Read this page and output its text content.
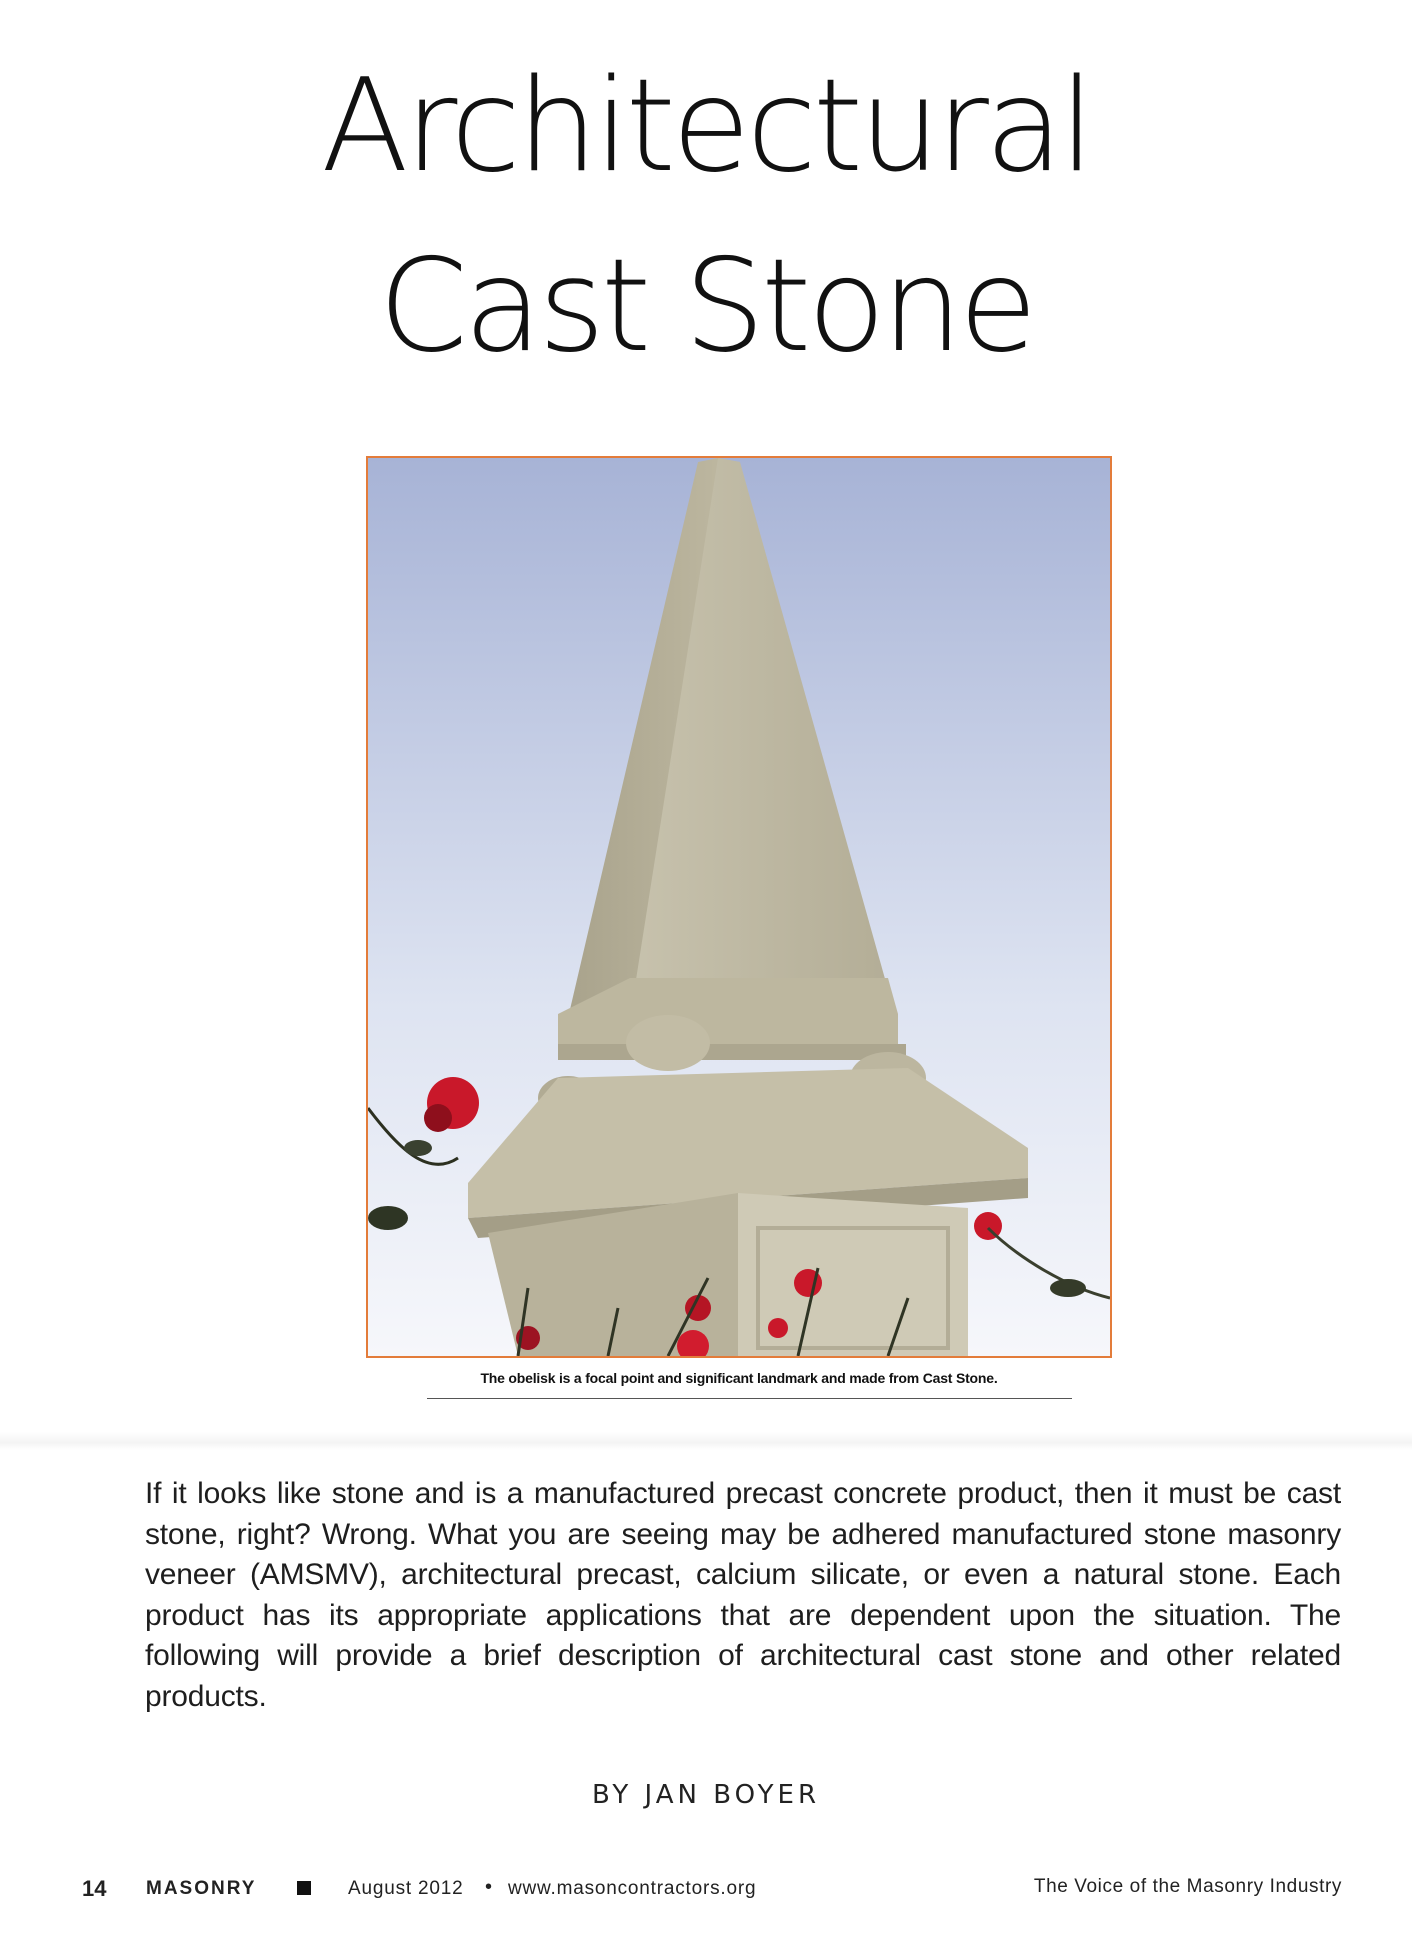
Architectural
Cast Stone
The obelisk is a focal point and significant landmark and made from Cast Stone.

If it looks like stone and is a manufactured precast concrete product, then it must be cast stone, right? Wrong. What you are seeing may be adhered manufactured stone masonry veneer (AMSMV), architectural precast, calcium silicate, or even a natural stone. Each product has its appropriate applications that are dependent upon the situation. The following will provide a brief description of architectural cast stone and other related products.

BY JAN BOYER
14 MASONRY	August 2012 • www.masoncontractors.org	The Voice of the Masonry Industry
